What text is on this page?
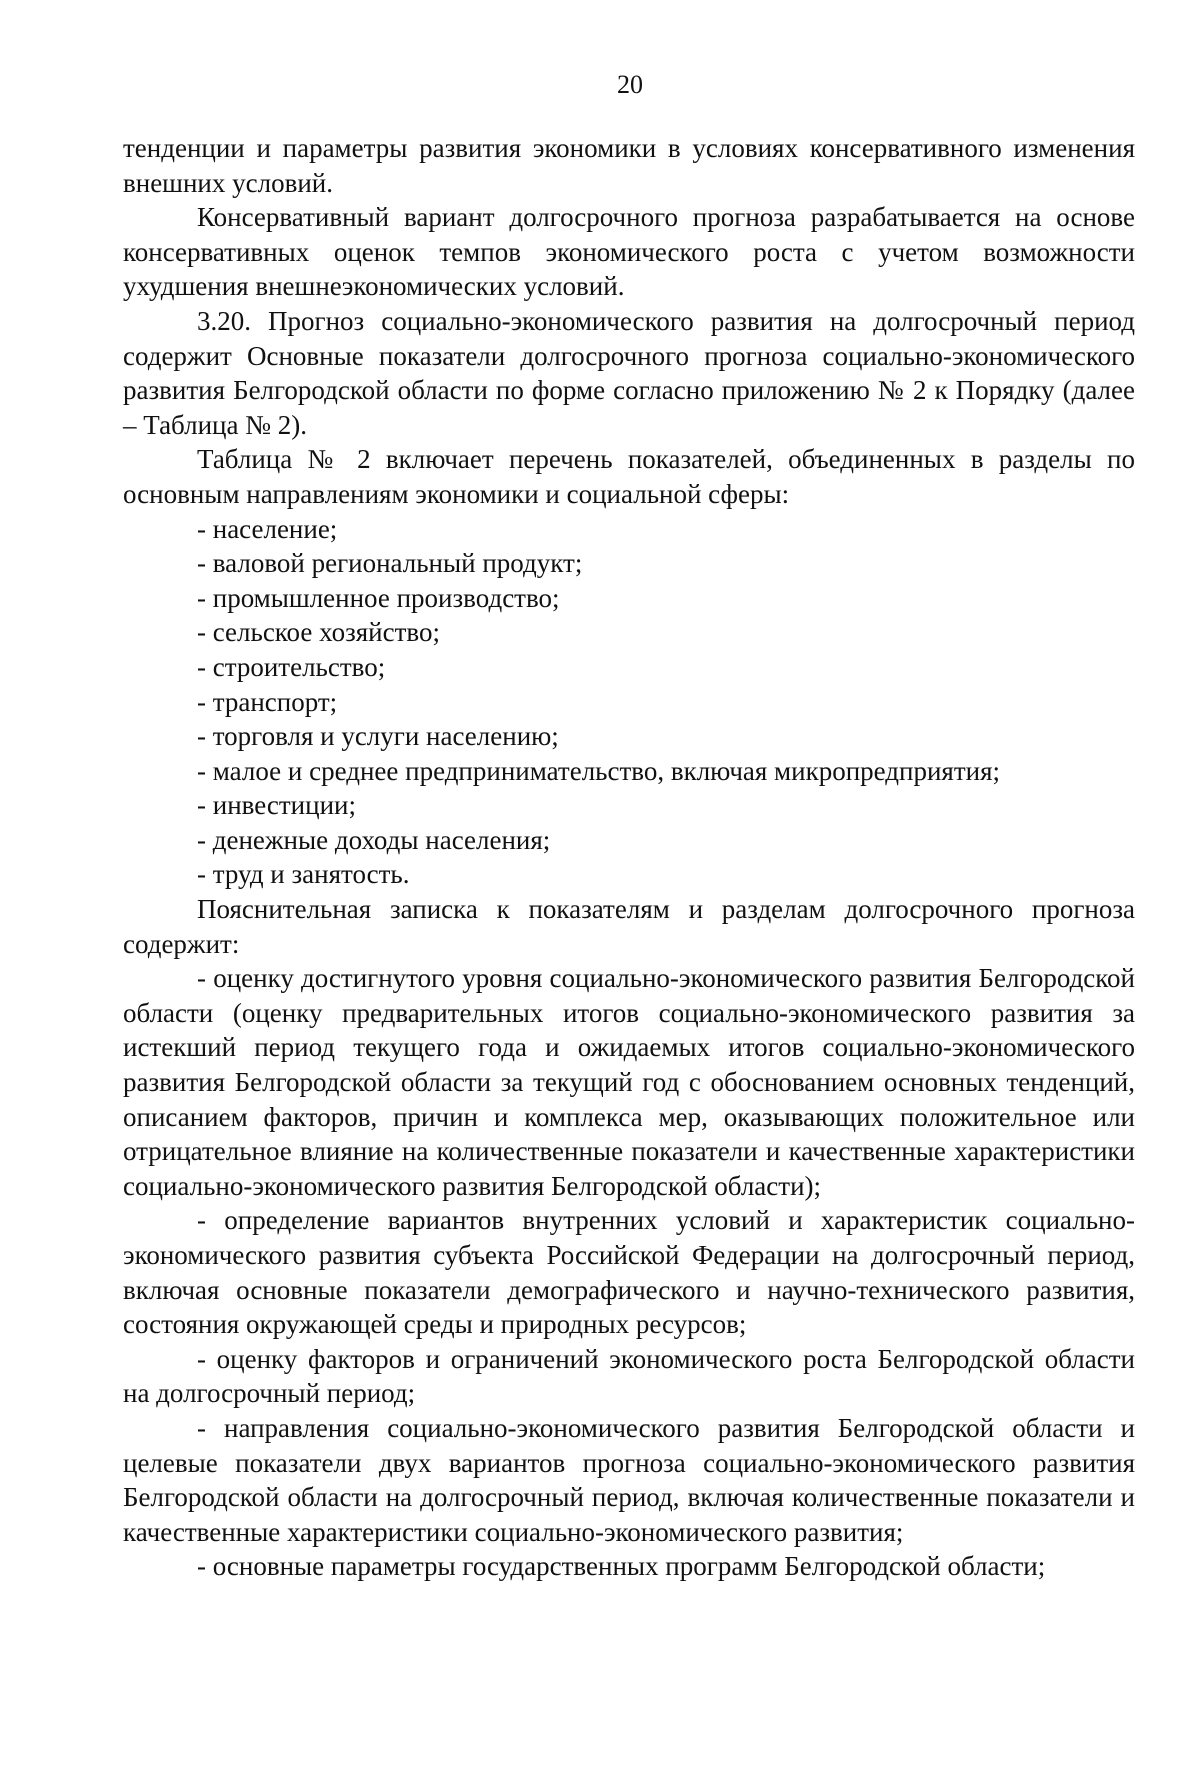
20

тенденции и параметры развития экономики в условиях консервативного изменения внешних условий.

Консервативный вариант долгосрочного прогноза разрабатывается на основе консервативных оценок темпов экономического роста с учетом возможности ухудшения внешнеэкономических условий.

3.20. Прогноз социально-экономического развития на долгосрочный период содержит Основные показатели долгосрочного прогноза социально-экономического развития Белгородской области по форме согласно приложению № 2 к Порядку (далее – Таблица № 2).

Таблица № 2 включает перечень показателей, объединенных в разделы по основным направлениям экономики и социальной сферы:

- население;
- валовой региональный продукт;
- промышленное производство;
- сельское хозяйство;
- строительство;
- транспорт;
- торговля и услуги населению;
- малое и среднее предпринимательство, включая микропредприятия;
- инвестиции;
- денежные доходы населения;
- труд и занятость.

Пояснительная записка к показателям и разделам долгосрочного прогноза содержит:

- оценку достигнутого уровня социально-экономического развития Белгородской области (оценку предварительных итогов социально-экономического развития за истекший период текущего года и ожидаемых итогов социально-экономического развития Белгородской области за текущий год с обоснованием основных тенденций, описанием факторов, причин и комплекса мер, оказывающих положительное или отрицательное влияние на количественные показатели и качественные характеристики социально-экономического развития Белгородской области);

- определение вариантов внутренних условий и характеристик социально-экономического развития субъекта Российской Федерации на долгосрочный период, включая основные показатели демографического и научно-технического развития, состояния окружающей среды и природных ресурсов;

- оценку факторов и ограничений экономического роста Белгородской области на долгосрочный период;

- направления социально-экономического развития Белгородской области и целевые показатели двух вариантов прогноза социально-экономического развития Белгородской области на долгосрочный период, включая количественные показатели и качественные характеристики социально-экономического развития;

- основные параметры государственных программ Белгородской области;
